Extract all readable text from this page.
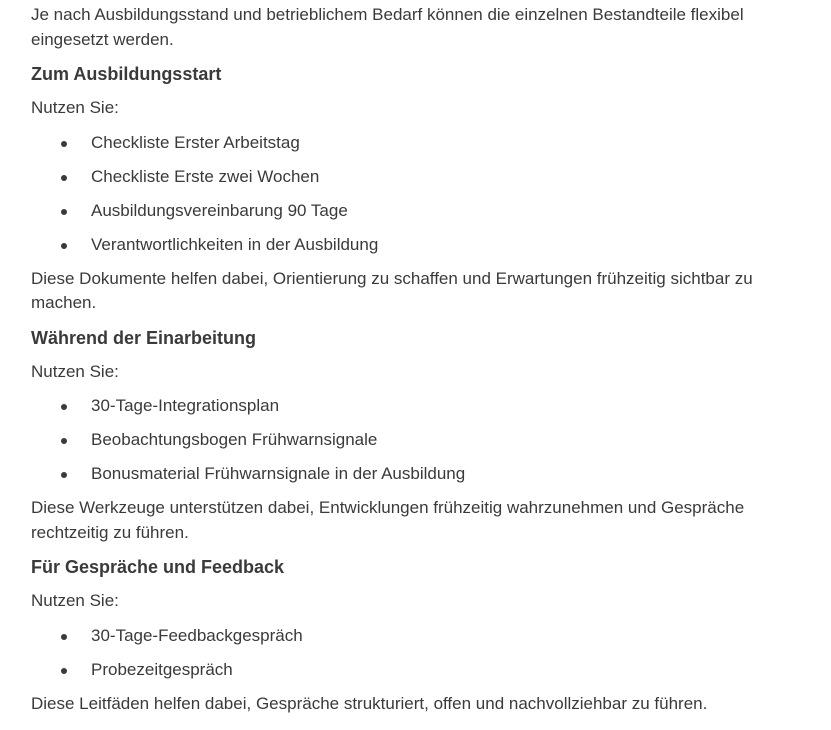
Je nach Ausbildungsstand und betrieblichem Bedarf können die einzelnen Bestandteile flexibel eingesetzt werden.

Zum Ausbildungsstart

Nutzen Sie:

Checkliste Erster Arbeitstag
Checkliste Erste zwei Wochen
Ausbildungsvereinbarung 90 Tage
Verantwortlichkeiten in der Ausbildung

Diese Dokumente helfen dabei, Orientierung zu schaffen und Erwartungen frühzeitig sichtbar zu machen.

Während der Einarbeitung

Nutzen Sie:

30-Tage-Integrationsplan
Beobachtungsbogen Frühwarnsignale
Bonusmaterial Frühwarnsignale in der Ausbildung

Diese Werkzeuge unterstützen dabei, Entwicklungen frühzeitig wahrzunehmen und Gespräche rechtzeitig zu führen.

Für Gespräche und Feedback

Nutzen Sie:

30-Tage-Feedbackgespräch
Probezeitgespräch

Diese Leitfäden helfen dabei, Gespräche strukturiert, offen und nachvollziehbar zu führen.
